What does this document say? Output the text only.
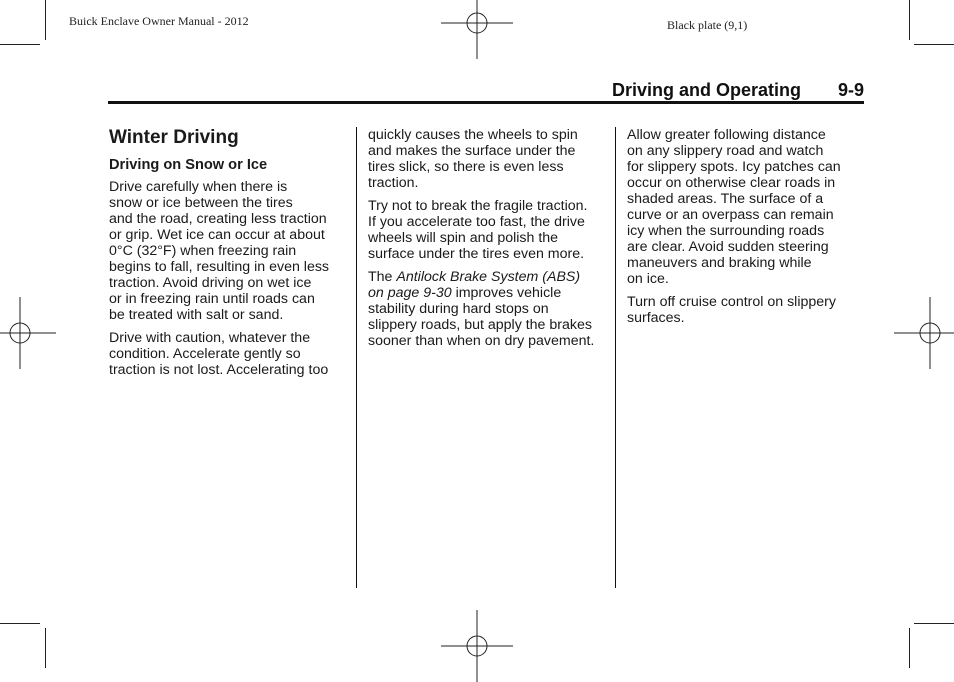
Buick Enclave Owner Manual - 2012	Black plate (9,1)
Driving and Operating 9-9
Winter Driving
Driving on Snow or Ice

Drive carefully when there is
snow or ice between the tires
and the road, creating less traction
or grip. Wet ice can occur at about
0°C (32°F) when freezing rain
begins to fall, resulting in even less
traction. Avoid driving on wet ice
or in freezing rain until roads can
be treated with salt or sand.

Drive with caution, whatever the
condition. Accelerate gently so
traction is not lost. Accelerating too

quickly causes the wheels to spin
and makes the surface under the
tires slick, so there is even less
traction.

Try not to break the fragile traction.
If you accelerate too fast, the drive
wheels will spin and polish the
surface under the tires even more.

The Antilock Brake System (ABS)
on page 9-30 improves vehicle
stability during hard stops on
slippery roads, but apply the brakes
sooner than when on dry pavement.

Allow greater following distance
on any slippery road and watch
for slippery spots. Icy patches can
occur on otherwise clear roads in
shaded areas. The surface of a
curve or an overpass can remain
icy when the surrounding roads
are clear. Avoid sudden steering
maneuvers and braking while
on ice.

Turn off cruise control on slippery
surfaces.
